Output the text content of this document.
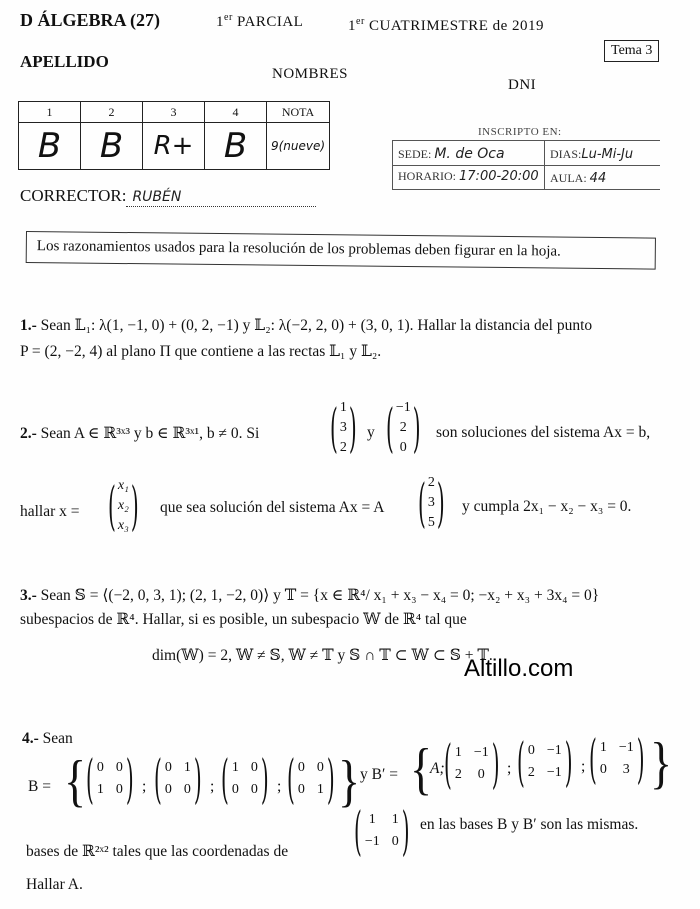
D ÁLGEBRA (27)	1er PARCIAL	1er CUATRIMESTRE de 2019
Tema 3
APELLIDO
NOMBRES
DNI
1	2	3	4	NOTA
B	B	R+	B	9(nueve)
INSCRIPTO EN:
SEDE: M. de Oca	DIAS:Lu-Mi-Ju
HORARIO: 17:00-20:00 AULA: 44
CORRECTOR: RUBÉN
Los razonamientos usados para la resolución de los problemas deben figurar en la hoja.
1.- Sean 𝕃₁: λ(1, −1, 0) + (0, 2, −1) y 𝕃₂: λ(−2, 2, 0) + (3, 0, 1). Hallar la distancia del punto
P = (2, −2, 4) al plano Π que contiene a las rectas 𝕃₁ y 𝕃₂.
2.- Sean A ∈ ℝ³ˣ³ y b ∈ ℝ³ˣ¹, b ≠ 0. Si	( 1
3
2 ) y ( −1
2
0 ) son soluciones del sistema Ax = b,
hallar x = ( x₁
x₂
x₃ ) que sea solución del sistema Ax = A ( 2
3
5 ) y cumpla 2x₁ − x₂ − x₃ = 0.
3.- Sean 𝕊 = ⟨(−2, 0, 3, 1); (2, 1, −2, 0)⟩ y 𝕋 = {x ∈ ℝ⁴/ x₁ + x₃ − x₄ = 0; −x₂ + x₃ + 3x₄ = 0}
subespacios de ℝ⁴. Hallar, si es posible, un subespacio 𝕎 de ℝ⁴ tal que
dim(𝕎) = 2, 𝕎 ≠ 𝕊, 𝕎 ≠ 𝕋 y 𝕊 ∩ 𝕋 ⊂ 𝕎 ⊂ 𝕊 + 𝕋.
Altillo.com
4.- Sean
B = { ( 0 0
1 0 ) ; ( 0 1
0 0 ) ; ( 1 0
0 0 ) ; ( 0 0
0 1 ) } y B′ = {
A; ( 1 −1
2 0 ) ; ( 0 −1
2 −1 ) ; ( 1 −1
0 3 ) }
bases de ℝ²ˣ² tales que las coordenadas de	( 1 1
−1 0 ) en las bases B y B′ son las mismas.
Hallar A.
